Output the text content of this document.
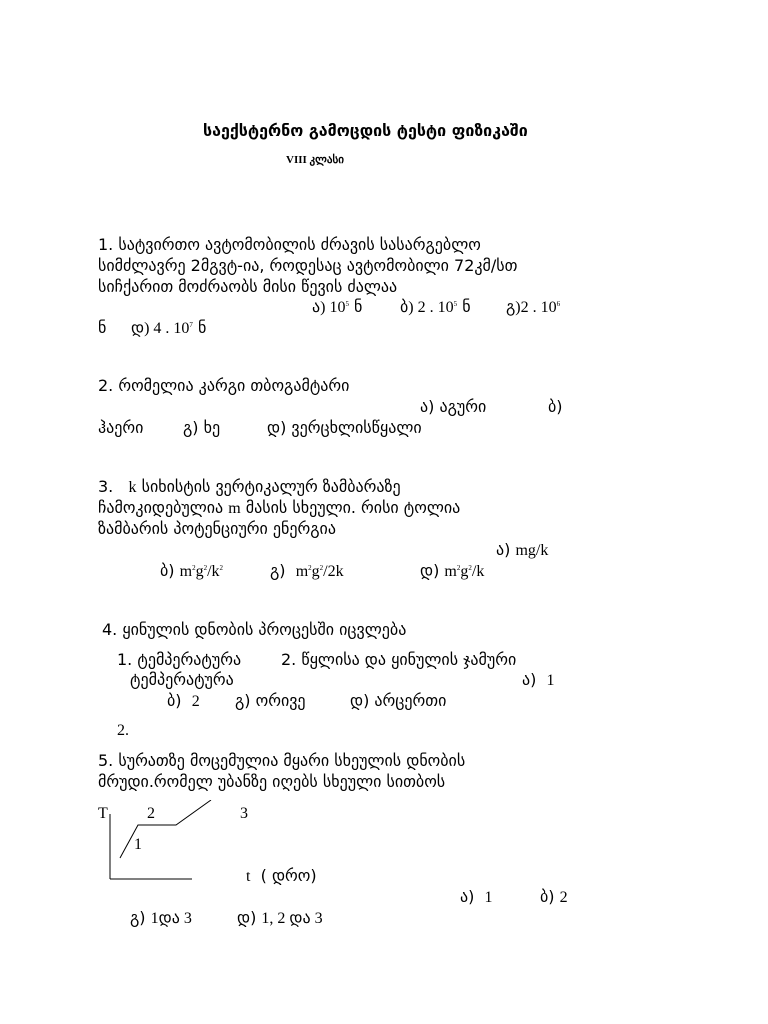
საექსტერნო გამოცდის ტესტი ფიზიკაში
VIII კლასი
1. სატვირთო ავტომობილის ძრავის სასარგებლო
სიმძლავრე 2მგვტ-ია, როდესაც ავტომობილი 72კმ/სთ
სიჩქარით მოძრაობს მისი წევის ძალაა
ა) $10^5$ ნ ბ) 2 . $10^5$ ნ გ)2 . $10^6$
ნ დ) 4 . $10^7$ ნ
2. რომელია კარგი თბოგამტარი
ა) აგური	ბ)
ჰაერი გ) ხე	დ) ვერცხლისწყალი
3. k სიხისტის ვერტიკალურ ზამბარაზე
ჩამოკიდებულია m მასის სხეული. რისი ტოლია
ზამბარის პოტენციური ენერგია
ა) mg/k
ბ) $m^2g^2/k^2$	გ) $m^2g^2/2k$	დ) $m^2g^2/k$
4. ყინულის დნობის პროცესში იცვლება
1. ტემპერატურა 2. წყლისა და ყინულის ჯამური
ტემპერატურა	ა) 1
ბ) 2 გ) ორივე	დ) არცერთი
2.
5. სურათზე მოცემულია მყარი სხეულის დნობის
მრუდი.რომელ უბანზე იღებს სხეული სითბოს
T 2	3
1
t ( დრო)
ა) 1	ბ) 2
გ) 1და 3	დ) 1, 2 და 3
